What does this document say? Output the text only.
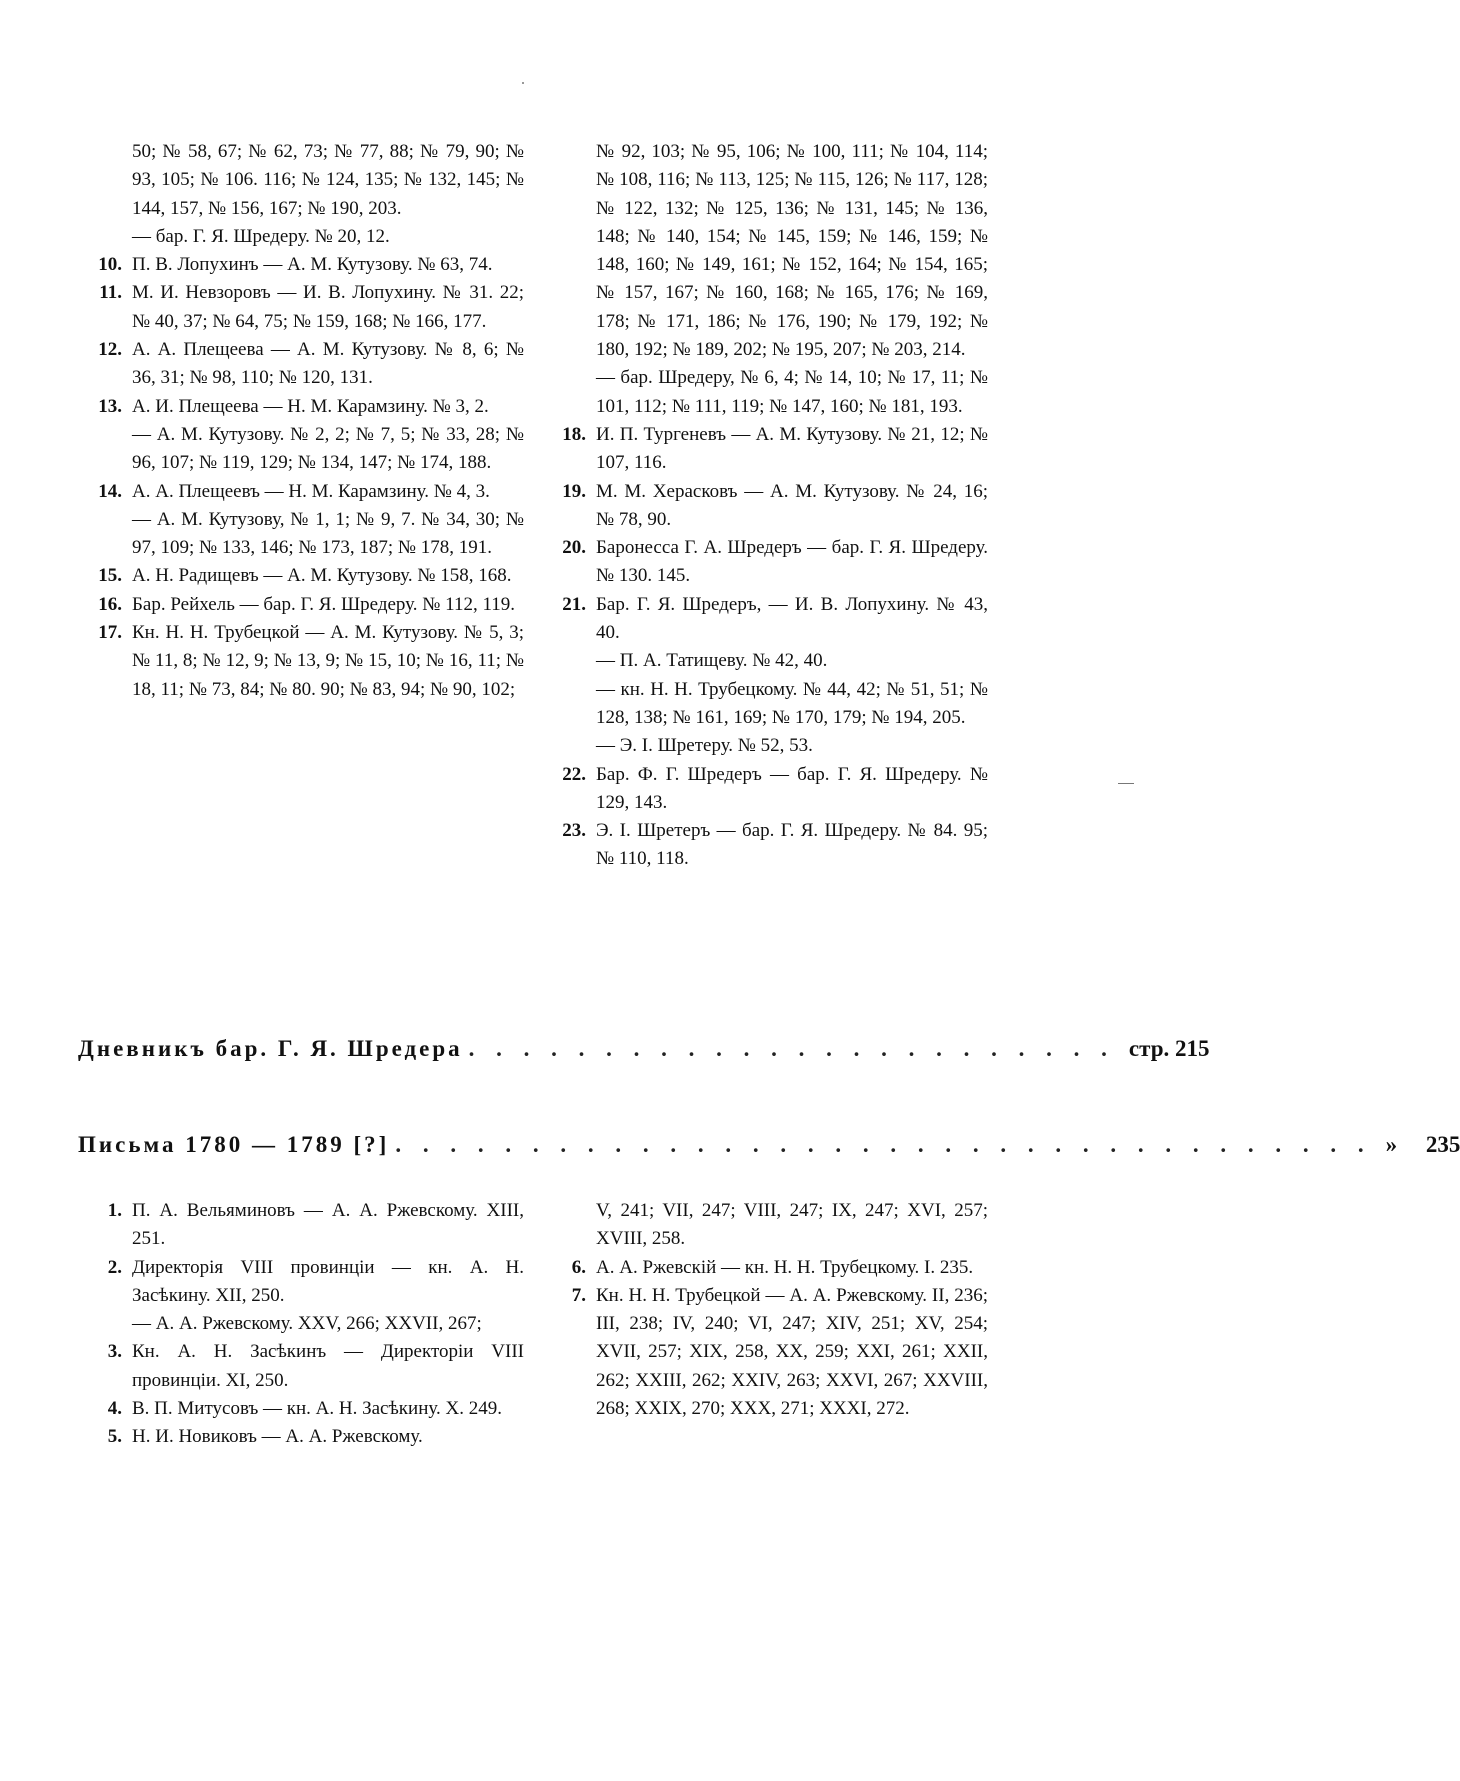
50; № 58, 67; № 62, 73; № 77, 88; № 79, 90; № 93, 105; № 106. 116; № 124, 135; № 132, 145; № 144, 157, № 156, 167; № 190, 203.
— бар. Г. Я. Шредеру. № 20, 12.
10. П. В. Лопухинъ — А. М. Кутузову. № 63, 74.
11. М. И. Невзоровъ — И. В. Лопухину. № 31. 22; № 40, 37; № 64, 75; № 159, 168; № 166, 177.
12. А. А. Плещеева — А. М. Кутузову. № 8, 6; № 36, 31; № 98, 110; № 120, 131.
13. А. И. Плещеева — Н. М. Карамзину. № 3, 2.
— А. М. Кутузову. № 2, 2; № 7, 5; № 33, 28; № 96, 107; № 119, 129; № 134, 147; № 174, 188.
14. А. А. Плещеевъ — Н. М. Карамзину. № 4, 3.
— А. М. Кутузову, № 1, 1; № 9, 7. № 34, 30; № 97, 109; № 133, 146; № 173, 187; № 178, 191.
15. А. Н. Радищевъ — А. М. Кутузову. № 158, 168.
16. Бар. Рейхель — бар. Г. Я. Шредеру. № 112, 119.
17. Кн. Н. Н. Трубецкой — А. М. Кутузову. № 5, 3; № 11, 8; № 12, 9; № 13, 9; № 15, 10; № 16, 11; № 18, 11; № 73, 84; № 80. 90; № 83, 94; № 90, 102;
№ 92, 103; № 95, 106; № 100, 111; № 104, 114; № 108, 116; № 113, 125; № 115, 126; № 117, 128; № 122, 132; № 125, 136; № 131, 145; № 136, 148; № 140, 154; № 145, 159; № 146, 159; № 148, 160; № 149, 161; № 152, 164; № 154, 165; № 157, 167; № 160, 168; № 165, 176; № 169, 178; № 171, 186; № 176, 190; № 179, 192; № 180, 192; № 189, 202; № 195, 207; № 203, 214.
— бар. Шредеру, № 6, 4; № 14, 10; № 17, 11; № 101, 112; № 111, 119; № 147, 160; № 181, 193.
18. И. П. Тургеневъ — А. М. Кутузову. № 21, 12; № 107, 116.
19. М. М. Херасковъ — А. М. Кутузову. № 24, 16; № 78, 90.
20. Баронесса Г. А. Шредеръ — бар. Г. Я. Шредеру. № 130. 145.
21. Бар. Г. Я. Шредеръ, — И. В. Лопухину. № 43, 40.
— П. А. Татищеву. № 42, 40.
— кн. Н. Н. Трубецкому. № 44, 42; № 51, 51; № 128, 138; № 161, 169; № 170, 179; № 194, 205.
— Э. I. Шретеру. № 52, 53.
22. Бар. Ф. Г. Шредеръ — бар. Г. Я. Шредеру. № 129, 143.
23. Э. I. Шретеръ — бар. Г. Я. Шредеру. № 84. 95; № 110, 118.
Дневникъ бар. Г. Я. Шредера . . . . . . . . . . . . . . . . . . . . . . . . стр. 215
Письма 1780 — 1789 [?] . . . . . . . . . . . . . . . . . . . . . . . . . . . . . . . . . . . . »     235
1. П. А. Вельяминовъ — А. А. Ржевскому. XIII, 251.
2. Директорія VIII провинціи — кн. А. Н. Засѣкину. XII, 250.
— А. А. Ржевскому. XXV, 266; XXVII, 267;
3. Кн. А. Н. Засѣкинъ — Директоріи VIII провинціи. XI, 250.
4. В. П. Митусовъ — кн. А. Н. Засѣкину. X. 249.
5. Н. И. Новиковъ — А. А. Ржевскому.
V, 241; VII, 247; VIII, 247; IX, 247; XVI, 257; XVIII, 258.
6. А. А. Ржевскій — кн. Н. Н. Трубецкому. I. 235.
7. Кн. Н. Н. Трубецкой — А. А. Ржевскому. II, 236; III, 238; IV, 240; VI, 247; XIV, 251; XV, 254; XVII, 257; XIX, 258, XX, 259; XXI, 261; XXII, 262; XXIII, 262; XXIV, 263; XXVI, 267; XXVIII, 268; XXIX, 270; XXX, 271; XXXI, 272.
